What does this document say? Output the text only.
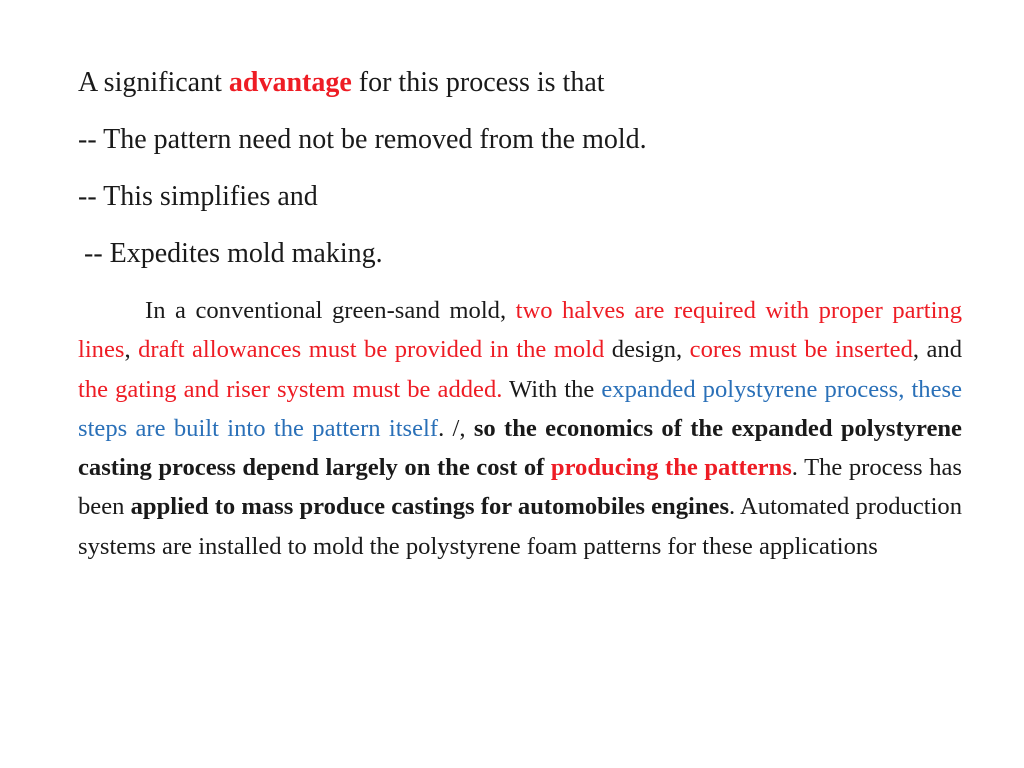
A significant advantage for this process is that

-- The pattern need not be removed from the mold.

-- This simplifies and

-- Expedites mold making.

In a conventional green-sand mold, two halves are required with proper parting lines, draft allowances must be provided in the mold design, cores must be inserted, and the gating and riser system must be added. With the expanded polystyrene process, these steps are built into the pattern itself. /, so the economics of the expanded polystyrene casting process depend largely on the cost of producing the patterns. The process has been applied to mass produce castings for automobiles engines. Automated production systems are installed to mold the polystyrene foam patterns for these applications
